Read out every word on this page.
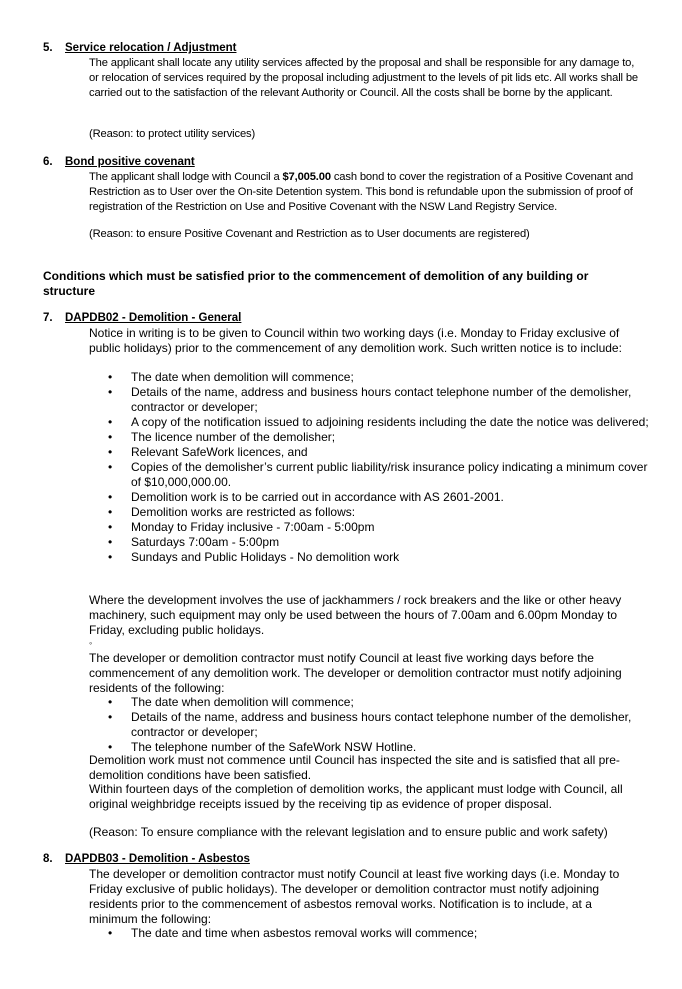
5. Service relocation / Adjustment
The applicant shall locate any utility services affected by the proposal and shall be responsible for any damage to, or relocation of services required by the proposal including adjustment to the levels of pit lids etc. All works shall be carried out to the satisfaction of the relevant Authority or Council. All the costs shall be borne by the applicant.
(Reason: to protect utility services)
6. Bond positive covenant
The applicant shall lodge with Council a $7,005.00 cash bond to cover the registration of a Positive Covenant and Restriction as to User over the On-site Detention system. This bond is refundable upon the submission of proof of registration of the Restriction on Use and Positive Covenant with the NSW Land Registry Service.
(Reason: to ensure Positive Covenant and Restriction as to User documents are registered)
Conditions which must be satisfied prior to the commencement of demolition of any building or structure
7. DAPDB02 - Demolition - General
Notice in writing is to be given to Council within two working days (i.e. Monday to Friday exclusive of public holidays) prior to the commencement of any demolition work. Such written notice is to include:
• The date when demolition will commence;
• Details of the name, address and business hours contact telephone number of the demolisher, contractor or developer;
• A copy of the notification issued to adjoining residents including the date the notice was delivered;
• The licence number of the demolisher;
• Relevant SafeWork licences, and
• Copies of the demolisher’s current public liability/risk insurance policy indicating a minimum cover of $10,000,000.00.
• Demolition work is to be carried out in accordance with AS 2601-2001.
• Demolition works are restricted as follows:
• Monday to Friday inclusive - 7:00am - 5:00pm
• Saturdays 7:00am - 5:00pm
• Sundays and Public Holidays - No demolition work
Where the development involves the use of jackhammers / rock breakers and the like or other heavy machinery, such equipment may only be used between the hours of 7.00am and 6.00pm Monday to Friday, excluding public holidays.
◦
The developer or demolition contractor must notify Council at least five working days before the commencement of any demolition work. The developer or demolition contractor must notify adjoining residents of the following:
• The date when demolition will commence;
• Details of the name, address and business hours contact telephone number of the demolisher, contractor or developer;
• The telephone number of the SafeWork NSW Hotline.
Demolition work must not commence until Council has inspected the site and is satisfied that all pre-demolition conditions have been satisfied.
Within fourteen days of the completion of demolition works, the applicant must lodge with Council, all original weighbridge receipts issued by the receiving tip as evidence of proper disposal.
(Reason: To ensure compliance with the relevant legislation and to ensure public and work safety)
8. DAPDB03 - Demolition - Asbestos
The developer or demolition contractor must notify Council at least five working days (i.e. Monday to Friday exclusive of public holidays). The developer or demolition contractor must notify adjoining residents prior to the commencement of asbestos removal works. Notification is to include, at a minimum the following:
• The date and time when asbestos removal works will commence;
